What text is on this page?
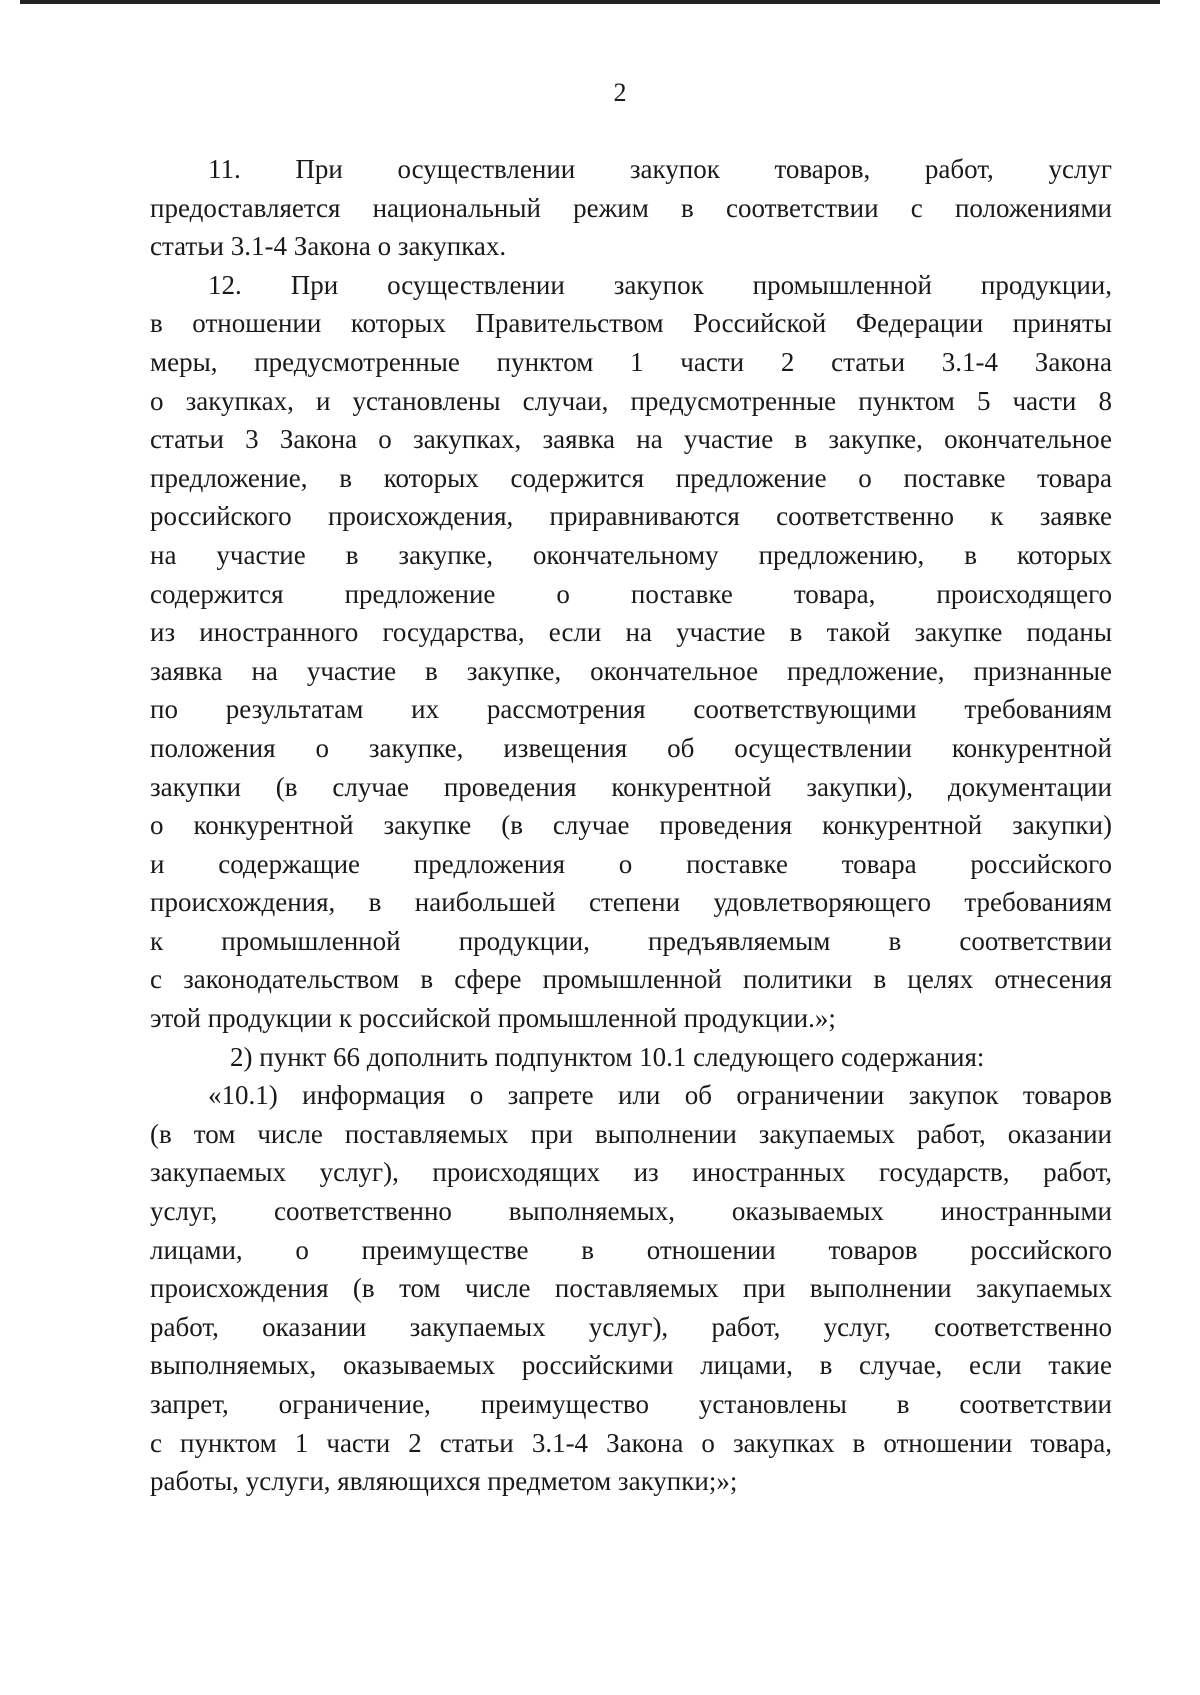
2
11. При осуществлении закупок товаров, работ, услуг
предоставляется национальный режим в соответствии с положениями
статьи 3.1-4 Закона о закупках.
12. При осуществлении закупок промышленной продукции,
в отношении которых Правительством Российской Федерации приняты
меры, предусмотренные пунктом 1 части 2 статьи 3.1-4 Закона
о закупках, и установлены случаи, предусмотренные пунктом 5 части 8
статьи 3 Закона о закупках, заявка на участие в закупке, окончательное
предложение, в которых содержится предложение о поставке товара
российского происхождения, приравниваются соответственно к заявке
на участие в закупке, окончательному предложению, в которых
содержится предложение о поставке товара, происходящего
из иностранного государства, если на участие в такой закупке поданы
заявка на участие в закупке, окончательное предложение, признанные
по результатам их рассмотрения соответствующими требованиям
положения о закупке, извещения об осуществлении конкурентной
закупки (в случае проведения конкурентной закупки), документации
о конкурентной закупке (в случае проведения конкурентной закупки)
и содержащие предложения о поставке товара российского
происхождения, в наибольшей степени удовлетворяющего требованиям
к промышленной продукции, предъявляемым в соответствии
с законодательством в сфере промышленной политики в целях отнесения
этой продукции к российской промышленной продукции.»;
2) пункт 66 дополнить подпунктом 10.1 следующего содержания:
«10.1) информация о запрете или об ограничении закупок товаров
(в том числе поставляемых при выполнении закупаемых работ, оказании
закупаемых услуг), происходящих из иностранных государств, работ,
услуг, соответственно выполняемых, оказываемых иностранными
лицами, о преимуществе в отношении товаров российского
происхождения (в том числе поставляемых при выполнении закупаемых
работ, оказании закупаемых услуг), работ, услуг, соответственно
выполняемых, оказываемых российскими лицами, в случае, если такие
запрет, ограничение, преимущество установлены в соответствии
с пунктом 1 части 2 статьи 3.1-4 Закона о закупках в отношении товара,
работы, услуги, являющихся предметом закупки;»;
